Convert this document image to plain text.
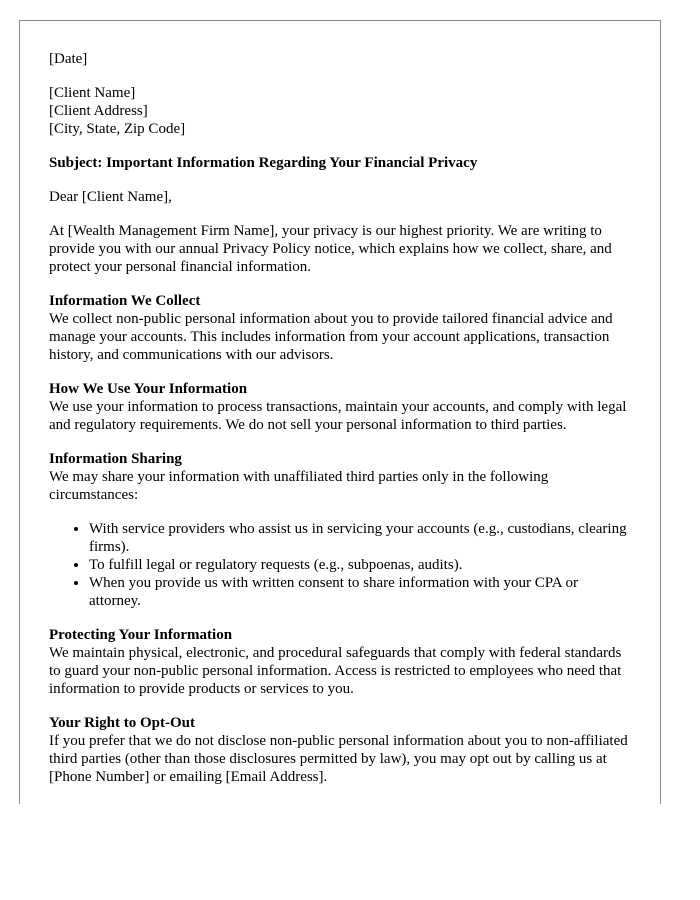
[Date]

[Client Name]
[Client Address]
[City, State, Zip Code]

Subject: Important Information Regarding Your Financial Privacy

Dear [Client Name],

At [Wealth Management Firm Name], your privacy is our highest priority. We are writing to provide you with our annual Privacy Policy notice, which explains how we collect, share, and protect your personal financial information.

Information We Collect
We collect non-public personal information about you to provide tailored financial advice and manage your accounts. This includes information from your account applications, transaction history, and communications with our advisors.

How We Use Your Information
We use your information to process transactions, maintain your accounts, and comply with legal and regulatory requirements. We do not sell your personal information to third parties.

Information Sharing
We may share your information with unaffiliated third parties only in the following circumstances:

• With service providers who assist us in servicing your accounts (e.g., custodians, clearing firms).
• To fulfill legal or regulatory requests (e.g., subpoenas, audits).
• When you provide us with written consent to share information with your CPA or attorney.

Protecting Your Information
We maintain physical, electronic, and procedural safeguards that comply with federal standards to guard your non-public personal information. Access is restricted to employees who need that information to provide products or services to you.

Your Right to Opt-Out
If you prefer that we do not disclose non-public personal information about you to non-affiliated third parties (other than those disclosures permitted by law), you may opt out by calling us at [Phone Number] or emailing [Email Address].
